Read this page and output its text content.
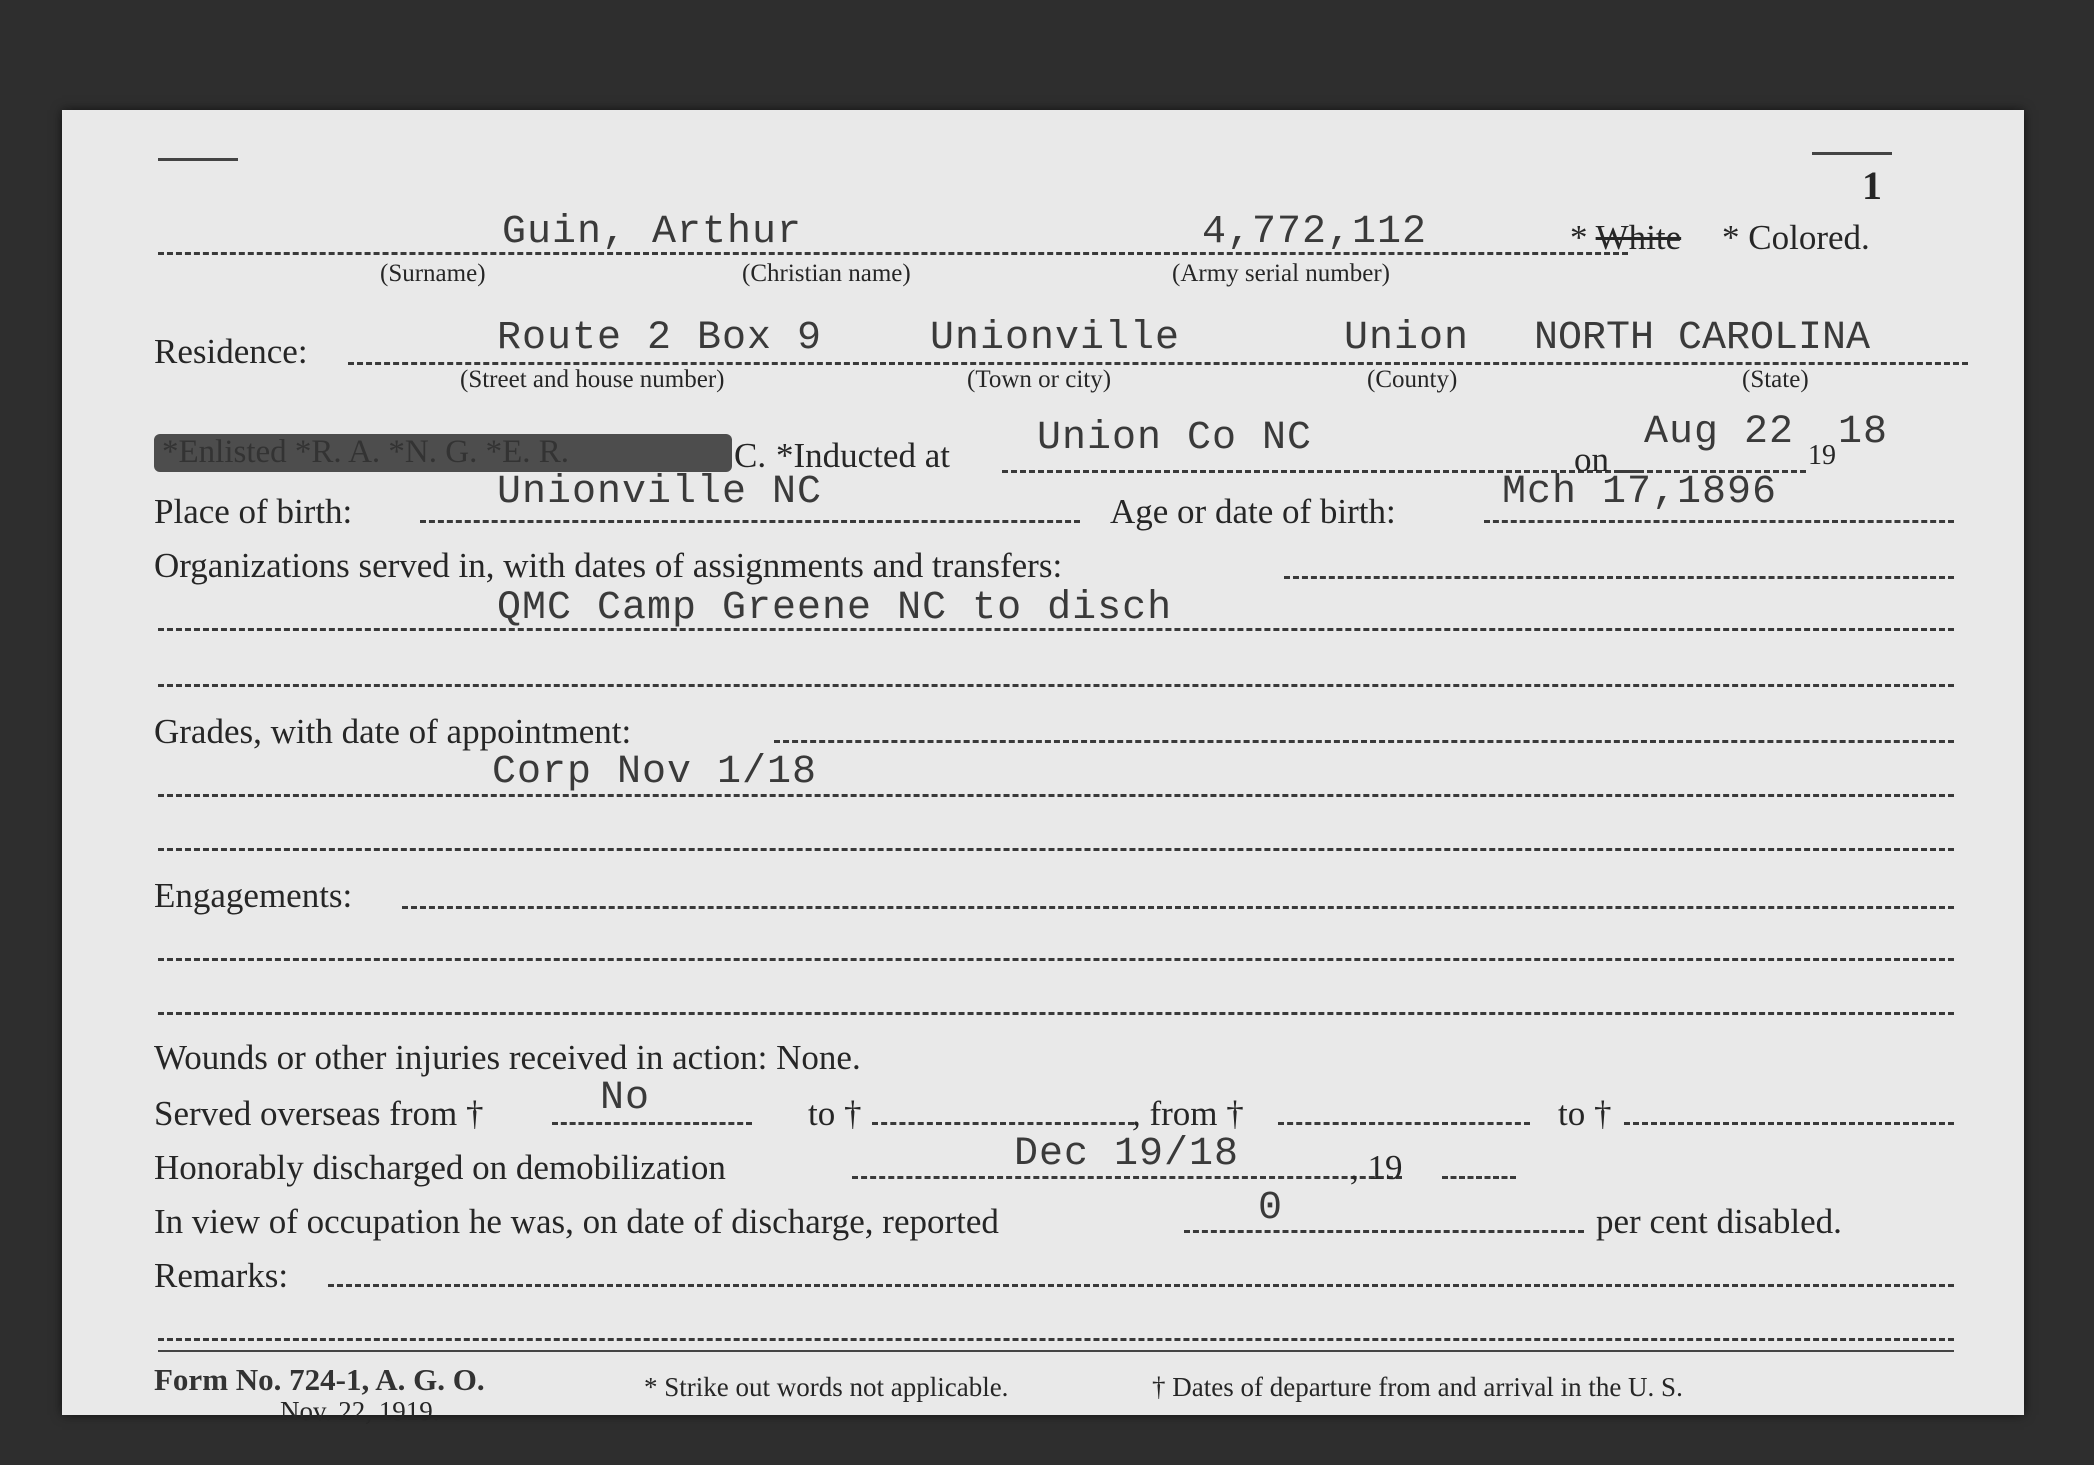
1
Guin, Arthur	4,772,112
(Surname)	(Christian name)	(Army serial number)
* White * Colored.
Residence:	Route 2 Box 9	Unionville	Union NORTH CAROLINA
(Street and house number)	(Town or city)	(County)	(State)
*Enlisted *R. A. *N. G. *E. R.	C. *Inducted at Union Co NC	on
Aug 22
19
18
Place of birth:	Unionville NC	Age or date of birth:	Mch 17,1896
Organizations served in, with dates of assignments and transfers:
QMC Camp Greene NC to disch
Grades, with date of appointment:
Corp Nov 1/18
Engagements:
Wounds or other injuries received in action: None.
Served overseas from †	No	to †	, from †	to †
Honorably discharged on demobilization	Dec 19/18	, 19
In view of occupation he was, on date of discharge, reported	0	per cent disabled.
Remarks:
Form No. 724-1, A. G. O.
Nov. 22, 1919.
* Strike out words not applicable.	† Dates of departure from and arrival in the U. S.
